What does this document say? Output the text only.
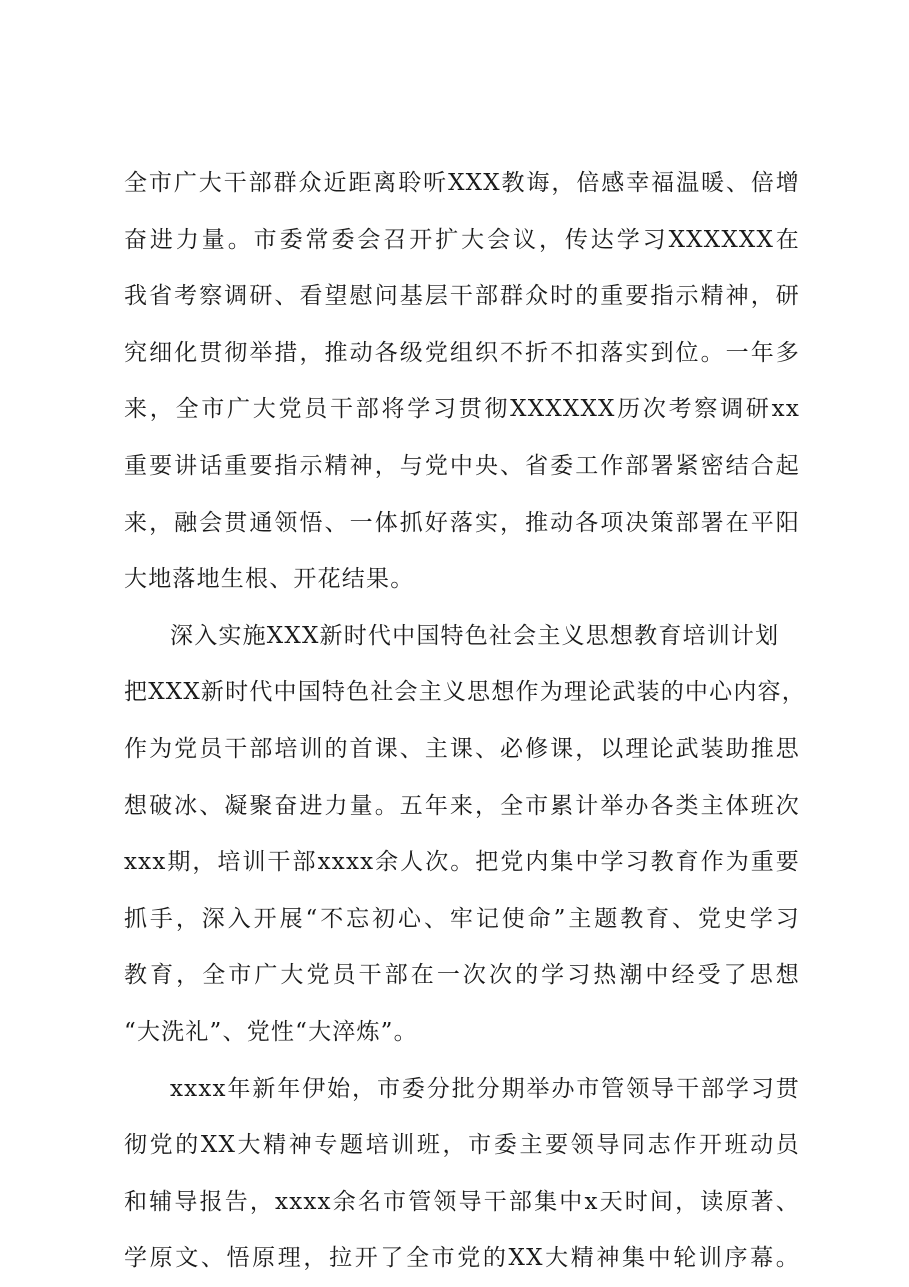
全市广大干部群众近距离聆听XXX教诲，倍感幸福温暖、倍增
奋进力量。市委常委会召开扩大会议，传达学习XXXXXX在
我省考察调研、看望慰问基层干部群众时的重要指示精神，研
究细化贯彻举措，推动各级党组织不折不扣落实到位。一年多
来，全市广大党员干部将学习贯彻XXXXXX历次考察调研xx
重要讲话重要指示精神，与党中央、省委工作部署紧密结合起
来，融会贯通领悟、一体抓好落实，推动各项决策部署在平阳
大地落地生根、开花结果。
深入实施XXX新时代中国特色社会主义思想教育培训计划
把XXX新时代中国特色社会主义思想作为理论武装的中心内容，
作为党员干部培训的首课、主课、必修课，以理论武装助推思
想破冰、凝聚奋进力量。五年来，全市累计举办各类主体班次
xxx期，培训干部xxxx余人次。把党内集中学习教育作为重要
抓手，深入开展“不忘初心、牢记使命”主题教育、党史学习
教育，全市广大党员干部在一次次的学习热潮中经受了思想
“大洗礼”、党性“大淬炼”。
xxxx年新年伊始，市委分批分期举办市管领导干部学习贯
彻党的XX大精神专题培训班，市委主要领导同志作开班动员
和辅导报告，xxxx余名市管领导干部集中x天时间，读原著、
学原文、悟原理，拉开了全市党的XX大精神集中轮训序幕。
